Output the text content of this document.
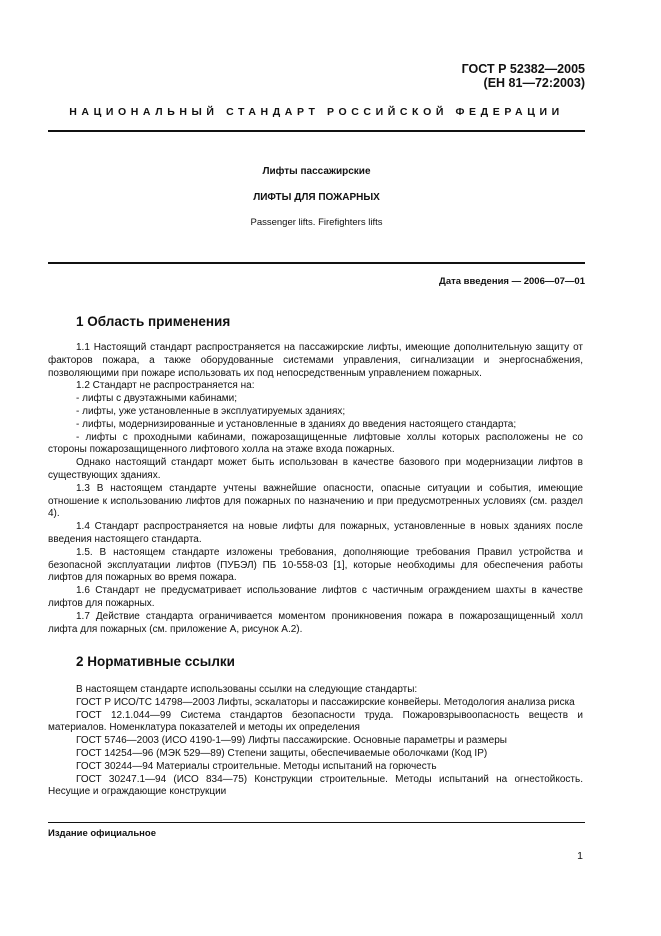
ГОСТ Р 52382—2005
(ЕН 81—72:2003)
НАЦИОНАЛЬНЫЙ СТАНДАРТ РОССИЙСКОЙ ФЕДЕРАЦИИ
Лифты пассажирские
ЛИФТЫ ДЛЯ ПОЖАРНЫХ
Passenger lifts. Firefighters lifts
Дата введения — 2006—07—01
1 Область применения

1.1 Настоящий стандарт распространяется на пассажирские лифты, имеющие дополнительную защиту от факторов пожара, а также оборудованные системами управления, сигнализации и энергоснабжения, позволяющими при пожаре использовать их под непосредственным управлением пожарных.

1.2 Стандарт не распространяется на:

- лифты с двуэтажными кабинами;

- лифты, уже установленные в эксплуатируемых зданиях;

- лифты, модернизированные и установленные в зданиях до введения настоящего стандарта;

- лифты с проходными кабинами, пожарозащищенные лифтовые холлы которых расположены не со стороны пожарозащищенного лифтового холла на этаже входа пожарных.

Однако настоящий стандарт может быть использован в качестве базового при модернизации лифтов в существующих зданиях.

1.3 В настоящем стандарте учтены важнейшие опасности, опасные ситуации и события, имеющие отношение к использованию лифтов для пожарных по назначению и при предусмотренных условиях (см. раздел 4).

1.4 Стандарт распространяется на новые лифты для пожарных, установленные в новых зданиях после введения настоящего стандарта.

1.5. В настоящем стандарте изложены требования, дополняющие требования Правил устройства и безопасной эксплуатации лифтов (ПУБЭЛ) ПБ 10-558-03 [1], которые необходимы для обеспечения работы лифтов для пожарных во время пожара.

1.6 Стандарт не предусматривает использование лифтов с частичным ограждением шахты в качестве лифтов для пожарных.

1.7 Действие стандарта ограничивается моментом проникновения пожара в пожарозащищенный холл лифта для пожарных (см. приложение А, рисунок А.2).

2 Нормативные ссылки

В настоящем стандарте использованы ссылки на следующие стандарты:

ГОСТ Р ИСО/ТС 14798—2003 Лифты, эскалаторы и пассажирские конвейеры. Методология анализа риска

ГОСТ 12.1.044—99 Система стандартов безопасности труда. Пожаровзрывоопасность веществ и материалов. Номенклатура показателей и методы их определения

ГОСТ 5746—2003 (ИСО 4190-1—99) Лифты пассажирские. Основные параметры и размеры

ГОСТ 14254—96 (МЭК 529—89) Степени защиты, обеспечиваемые оболочками (Код IP)

ГОСТ 30244—94 Материалы строительные. Методы испытаний на горючесть

ГОСТ 30247.1—94 (ИСО 834—75) Конструкции строительные. Методы испытаний на огнестойкость. Несущие и ограждающие конструкции

Издание официальное
1
